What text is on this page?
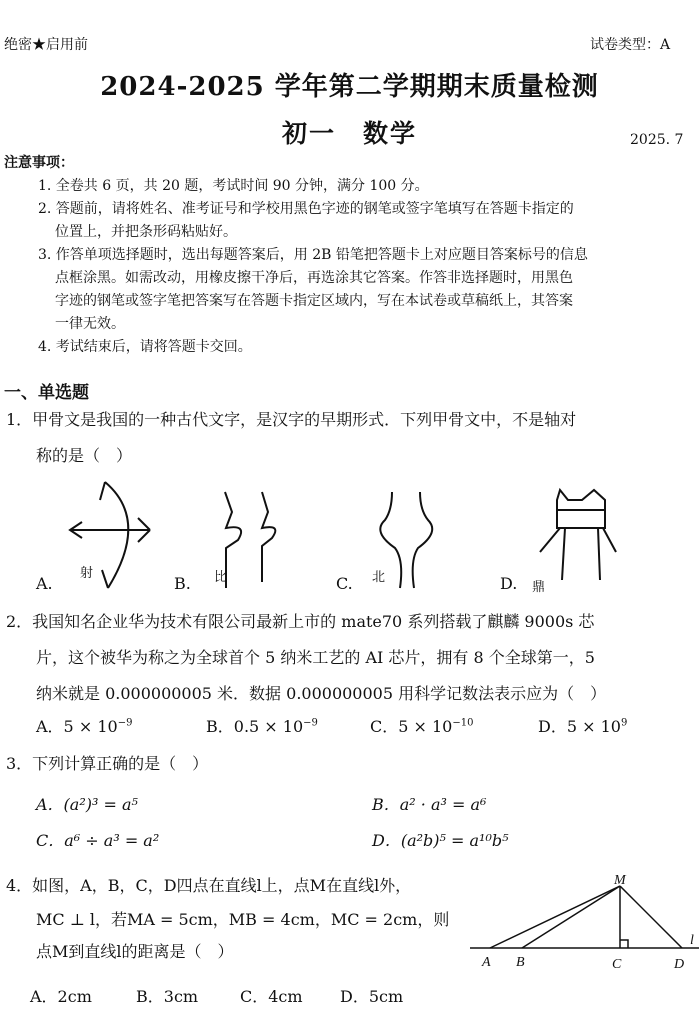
绝密★启用前	试卷类型：A
2024-2025 学年第二学期期末质量检测
初一　数学	2025. 7
注意事项：
1. 全卷共 6 页，共 20 题，考试时间 90 分钟，满分 100 分。
2. 答题前，请将姓名、准考证号和学校用黑色字迹的钢笔或签字笔填写在答题卡指定的
位置上，并把条形码粘贴好。
3. 作答单项选择题时，选出每题答案后，用 2B 铅笔把答题卡上对应题目答案标号的信息
点框涂黑。如需改动，用橡皮擦干净后，再选涂其它答案。作答非选择题时，用黑色
字迹的钢笔或签字笔把答案写在答题卡指定区域内，写在本试卷或草稿纸上，其答案
一律无效。
4. 考试结束后，请将答题卡交回。
一、单选题
1．甲骨文是我国的一种古代文字，是汉字的早期形式．下列甲骨文中，不是轴对
称的是（　）
A.
射
B. 比	C. 北	D. 鼎
2．我国知名企业华为技术有限公司最新上市的 mate70 系列搭载了麒麟 9000s 芯
片，这个被华为称之为全球首个 5 纳米工艺的 AI 芯片，拥有 8 个全球第一，5
纳米就是 0.000000005 米．数据 0.000000005 用科学记数法表示应为（　）
A．$5 \times 10^{-9}$	B．$0.5 \times 10^{-9}$	C．$5 \times 10^{-10}$	D．$5 \times 10^9$
3．下列计算正确的是（　）
A．(a²)³ = a⁵	B．a² · a³ = a⁶
C．a⁶ ÷ a³ = a²	D．(a²b)⁵ = a¹⁰b⁵
4．如图，A，B，C，D四点在直线l上，点M在直线l外，
MC ⊥ l，若MA = 5cm，MB = 4cm，MC = 2cm，则
点M到直线l的距离是（　）
M
l
A B	C	D
A．2cm	B．3cm	C．4cm D．5cm
